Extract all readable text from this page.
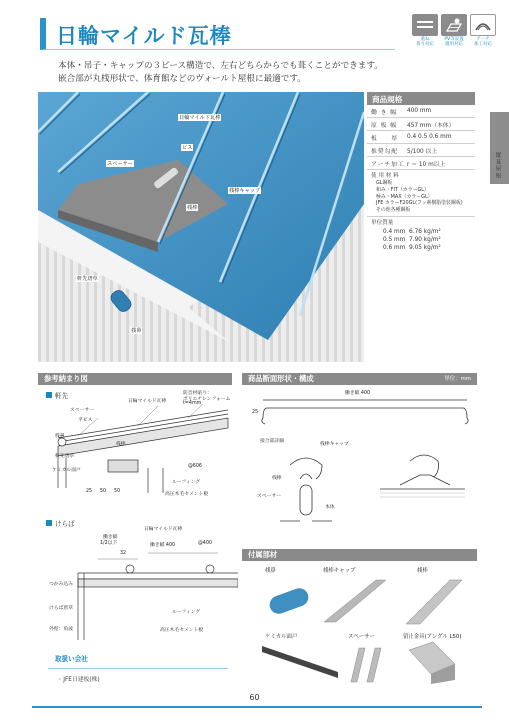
日輪マイルド瓦棒	重ね
葺り対応
PV等設置
適用対応
アーチ
加工対応
本体・吊子・キャップの３ピース構造で、左右どちらからでも葺くことができます。
嵌合部が丸桟形状で、体育館などのヴォールト屋根に最適です。
日輪マイルド瓦棒
ビス
スペーサー
桟棒
桟棒キャップ
軒先唐草
桟鼻
商品規格
働 き 幅	400 mm
原 板 幅	457 mm（本体）
板　　厚	0.4 0.5 0.6 mm
推奨勾配	5/100 以上
アーチ加工 r ＝ 10 m以上
使 用 材 料
GL鋼板
和み・FIT（カラーGL）
極み・MAX（カラーGL）
JFE カラーF20GL(フッ素樹脂塗装鋼板)
その他各種鋼板
単位質量
0.4 mm 6.76 kg/m²
0.5 mm 7.90 kg/m²
0.6 mm 9.05 kg/m²
縦葺屋根
参考納まり図	商品断面形状・構成	単位：mm
付属部材
軒先
スペーサー
平ビス
桟鼻
日輪マイルド瓦棒
防音材貼り：
ポリエチレンフォーム
t=4mm
桟棒
軒先唐草
ケミカル面戸
@606
ルーフィング
高圧木毛セメント板
25 50 50
けらば
日輪マイルド瓦棒
働き幅
1/2以下	働き幅 400	@400
32
つかみ込み
けらば唐草
ルーフィング
外壁：角波	高圧木毛セメント板
働き幅 400
25
接合部詳細
桟棒キャップ
桟棒
スペーサー
本体
桟鼻	桟棒キャップ	桟棒
ケミカル面戸	スペーサー	留止金具(アングル L50)
取扱い会社
◦ JFE日建板(株)
60
